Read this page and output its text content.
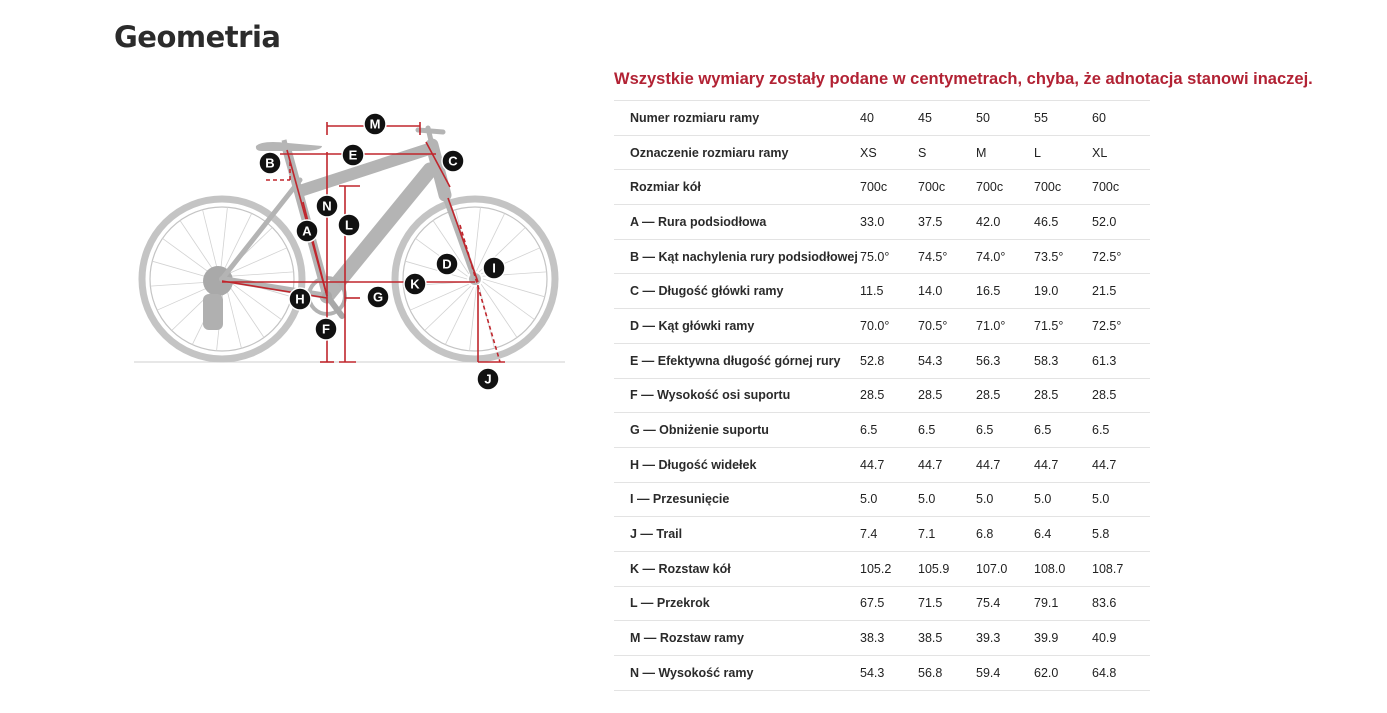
Geometria
A
B	C
D
E
F
G
H
I
J
K
L
M
N

Wszystkie wymiary zostały podane w centymetrach, chyba, że adnotacja stanowi inaczej.

Numer rozmiaru ramy	40	45	50	55	60
Oznaczenie rozmiaru ramy	XS	S	M	L	XL
Rozmiar kół	700c	700c	700c	700c	700c
A — Rura podsiodłowa	33.0	37.5	42.0	46.5	52.0
B — Kąt nachylenia rury podsiodłowej	75.0°	74.5°	74.0°	73.5°	72.5°
C — Długość główki ramy	11.5	14.0	16.5	19.0	21.5
D — Kąt główki ramy	70.0°	70.5°	71.0°	71.5°	72.5°
E — Efektywna długość górnej rury	52.8	54.3	56.3	58.3	61.3
F — Wysokość osi suportu	28.5	28.5	28.5	28.5	28.5
G — Obniżenie suportu	6.5	6.5	6.5	6.5	6.5
H — Długość widełek	44.7	44.7	44.7	44.7	44.7
I — Przesunięcie	5.0	5.0	5.0	5.0	5.0
J — Trail	7.4	7.1	6.8	6.4	5.8
K — Rozstaw kół	105.2	105.9	107.0	108.0	108.7
L — Przekrok	67.5	71.5	75.4	79.1	83.6
M — Rozstaw ramy	38.3	38.5	39.3	39.9	40.9
N — Wysokość ramy	54.3	56.8	59.4	62.0	64.8
